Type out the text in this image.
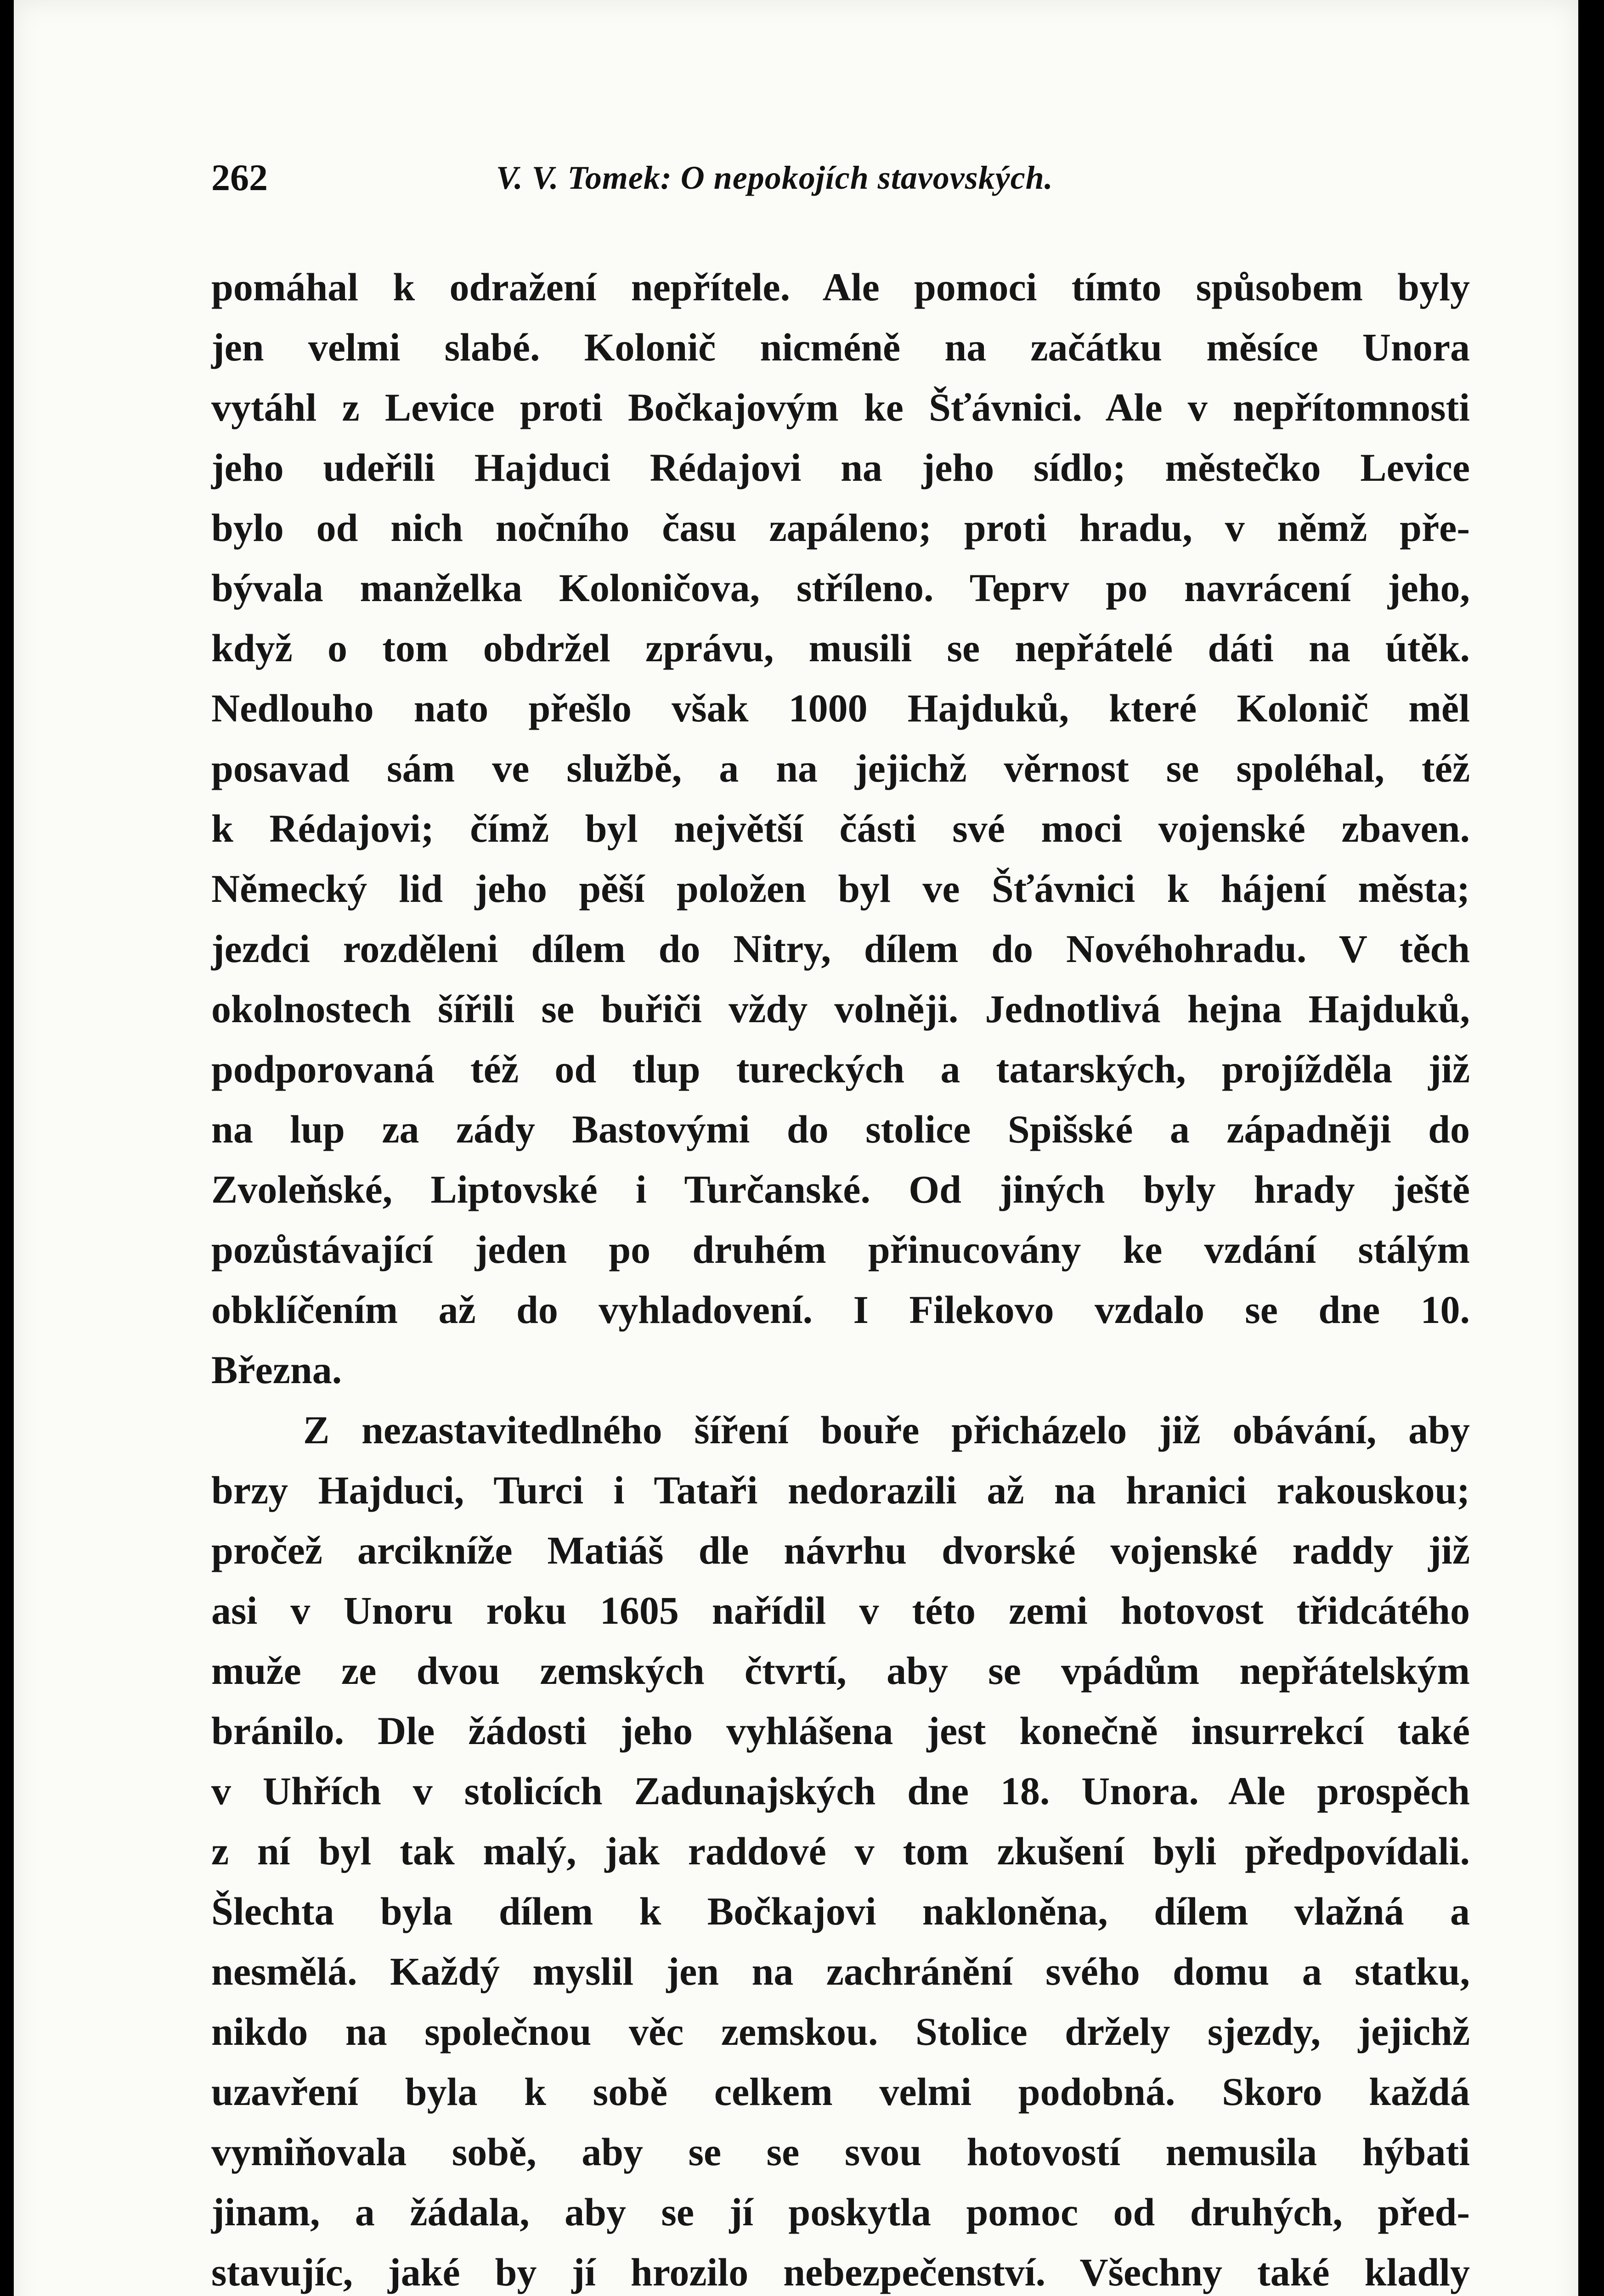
262	V. V. Tomek: O nepokojích stavovských.
pomáhal k odražení nepřítele. Ale pomoci tímto spůsobem byly
jen velmi slabé. Kolonič nicméně na začátku měsíce Unora
vytáhl z Levice proti Bočkajovým ke Šťávnici. Ale v nepřítomnosti
jeho udeřili Hajduci Rédajovi na jeho sídlo; městečko Levice
bylo od nich nočního času zapáleno; proti hradu, v němž pře-
bývala manželka Koloničova, stříleno. Teprv po navrácení jeho,
když o tom obdržel zprávu, musili se nepřátelé dáti na útěk.
Nedlouho nato přešlo však 1000 Hajduků, které Kolonič měl
posavad sám ve službě, a na jejichž věrnost se spoléhal, též
k Rédajovi; čímž byl největší části své moci vojenské zbaven.
Německý lid jeho pěší položen byl ve Šťávnici k hájení města;
jezdci rozděleni dílem do Nitry, dílem do Novéhohradu. V těch
okolnostech šířili se buřiči vždy volněji. Jednotlivá hejna Hajduků,
podporovaná též od tlup tureckých a tatarských, projížděla již
na lup za zády Bastovými do stolice Spišské a západněji do
Zvoleňské, Liptovské i Turčanské. Od jiných byly hrady ještě
pozůstávající jeden po druhém přinucovány ke vzdání stálým
obklíčením až do vyhladovení. I Filekovo vzdalo se dne 10.
Března.
Z nezastavitedlného šíření bouře přicházelo již obávání, aby
brzy Hajduci, Turci i Tataři nedorazili až na hranici rakouskou;
pročež arcikníže Matiáš dle návrhu dvorské vojenské raddy již
asi v Unoru roku 1605 nařídil v této zemi hotovost třidcátého
muže ze dvou zemských čtvrtí, aby se vpádům nepřátelským
bránilo. Dle žádosti jeho vyhlášena jest konečně insurrekcí také
v Uhřích v stolicích Zadunajských dne 18. Unora. Ale prospěch
z ní byl tak malý, jak raddové v tom zkušení byli předpovídali.
Šlechta byla dílem k Bočkajovi nakloněna, dílem vlažná a
nesmělá. Každý myslil jen na zachránění svého domu a statku,
nikdo na společnou věc zemskou. Stolice držely sjezdy, jejichž
uzavření byla k sobě celkem velmi podobná. Skoro každá
vymiňovala sobě, aby se se svou hotovostí nemusila hýbati
jinam, a žádala, aby se jí poskytla pomoc od druhých, před-
stavujíc, jaké by jí hrozilo nebezpečenství. Všechny také kladly
